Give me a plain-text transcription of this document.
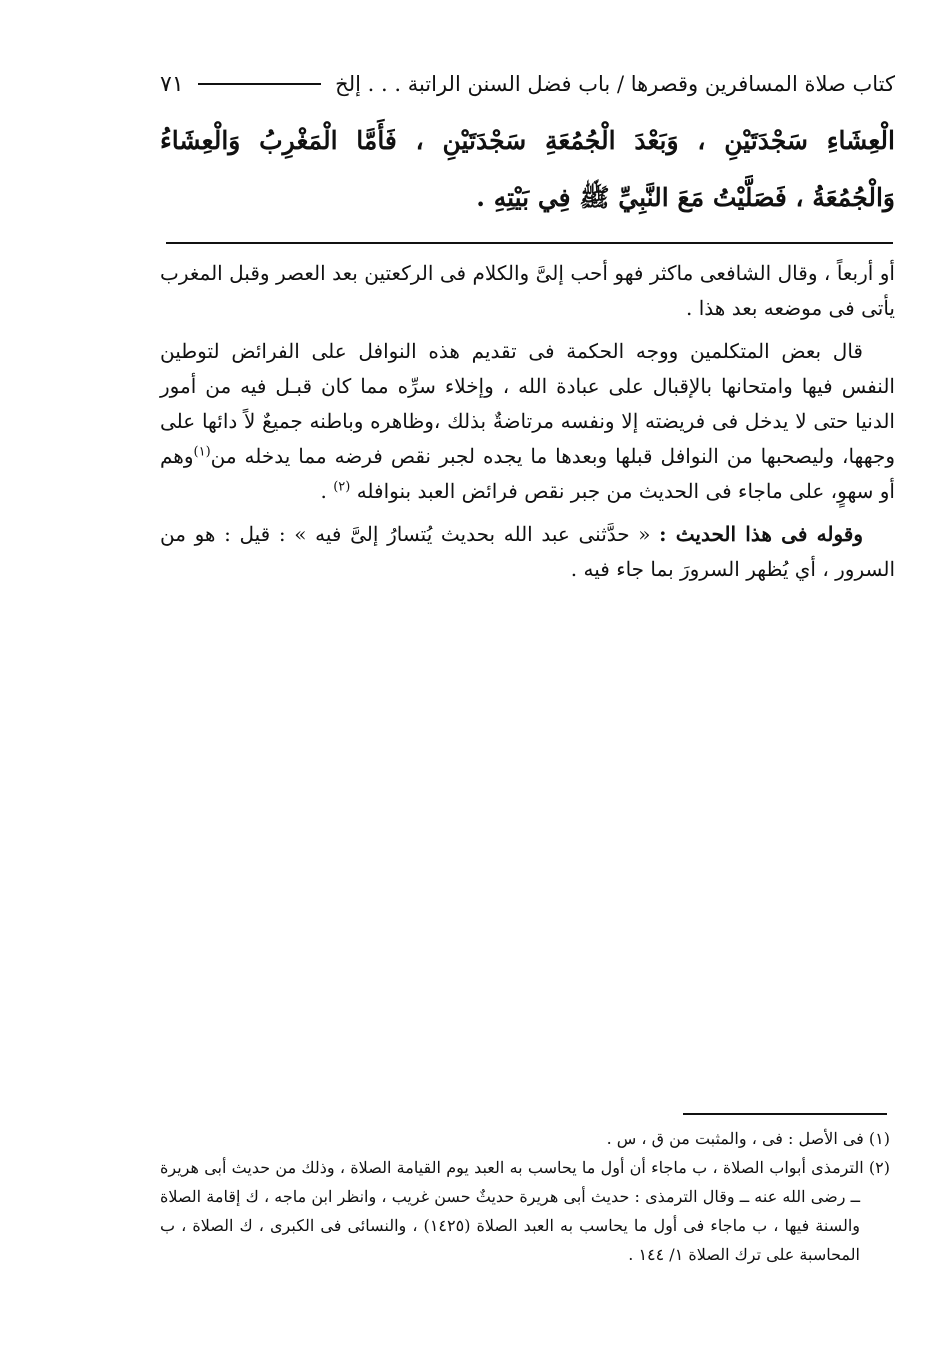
كتاب صلاة المسافرين وقصرها / باب فضل السنن الراتبة . . . إلخ
٧١
الْعِشَاءِ سَجْدَتَيْنِ ، وَبَعْدَ الْجُمُعَةِ سَجْدَتَيْنِ ، فَأَمَّا الْمَغْرِبُ وَالْعِشَاءُ وَالْجُمُعَةُ ، فَصَلَّيْتُ مَعَ النَّبِيِّ ﷺ فِي بَيْتِهِ .

أو أربعاً ، وقال الشافعى ماكثر فهو أحب إلىَّ والكلام فى الركعتين بعد العصر وقبل المغرب يأتى فى موضعه بعد هذا .

قال بعض المتكلمين ووجه الحكمة فى تقديم هذه النوافل على الفرائض لتوطين النفس فيها وامتحانها بالإقبال على عبادة الله ، وإخلاء سرِّه مما كان قبـل فيه من أمور الدنيا حتى لا يدخل فى فريضته إلا ونفسه مرتاضةٌ بذلك ،وظاهره وباطنه جميعٌ لاً دائها على وجهها، وليصحبها من النوافل قبلها وبعدها ما يجده لجبر نقص فرضه مما يدخله من$^{(١)}$وهم أو سهوٍ، على ماجاء فى الحديث من جبر نقص فرائض العبد بنوافله $^{(٢)}$ .

وقوله فى هذا الحديث : « حدَّثنى عبد الله بحديث يُتسارُ إلىَّ فيه » : قيل : هو من السرور ، أي يُظهر السرورَ بما جاء فيه .

(١) فى الأصل : فى ، والمثبت من ق ، س .

(٢) الترمذى أبواب الصلاة ، ب ماجاء أن أول ما يحاسب به العبد يوم القيامة الصلاة ، وذلك من حديث أبى هريرة ــ رضى الله عنه ــ وقال الترمذى : حديث أبى هريرة حديثٌ حسن غريب ، وانظر ابن ماجه ، ك إقامة الصلاة والسنة فيها ، ب ماجاء فى أول ما يحاسب به العبد الصلاة (١٤٢٥) ، والنسائى فى الكبرى ، ك الصلاة ، ب المحاسبة على ترك الصلاة ١/ ١٤٤ .
